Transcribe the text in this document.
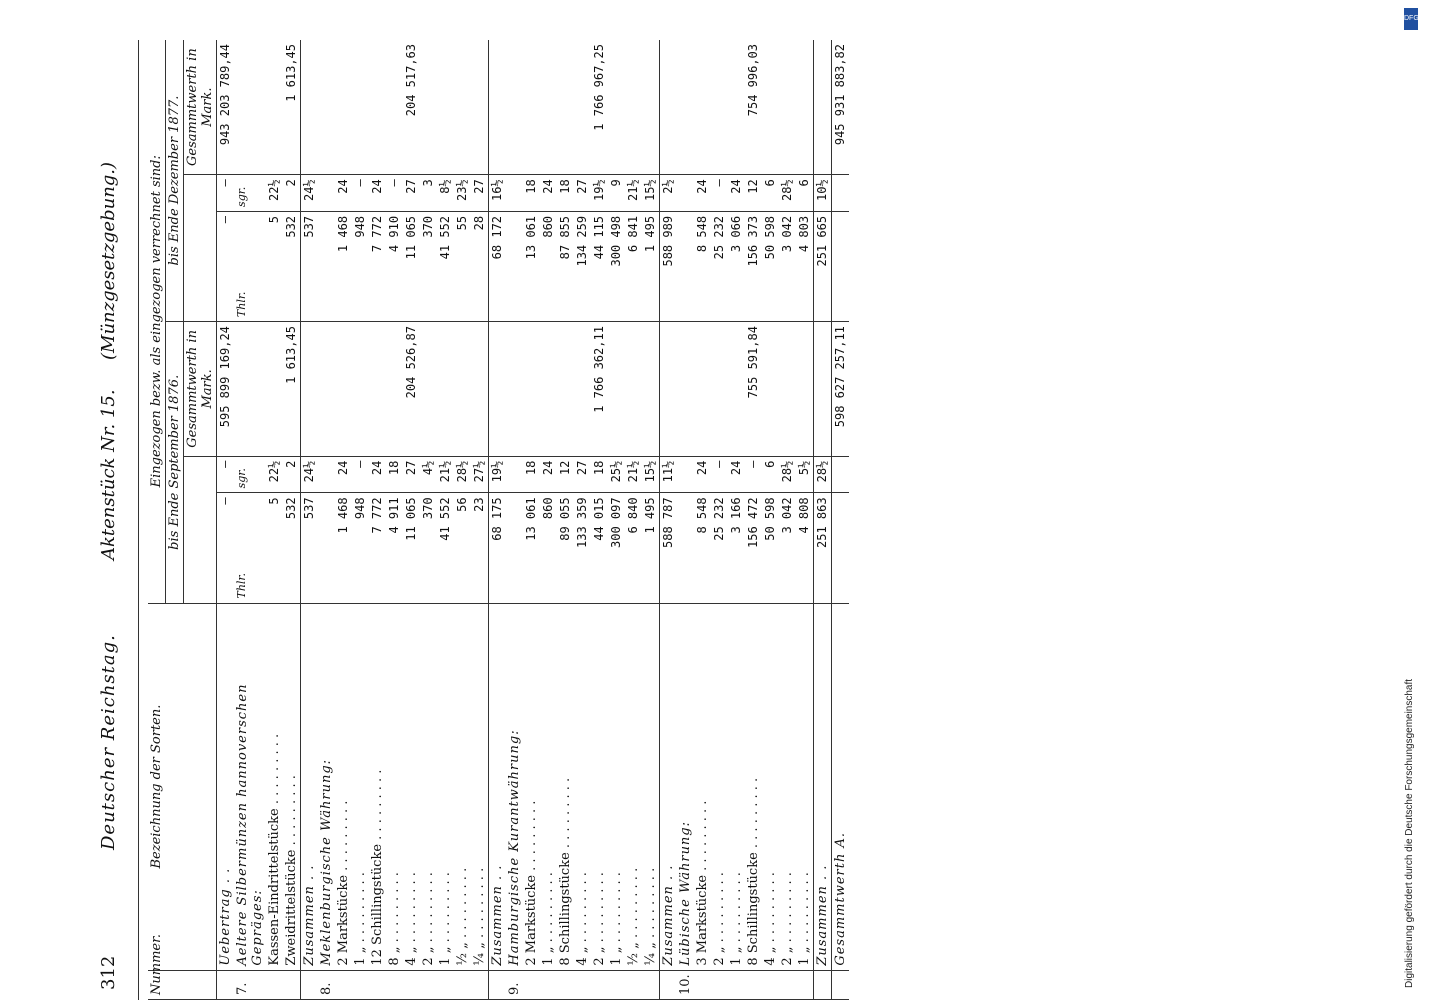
312
Deutscher Reichstag.
Aktenstück Nr. 15.
(Münzgesetzgebung.)
Nummer.	Bezeichnung der Sorten.	Eingezogen bezw. als eingezogen verrechnet sind:					
		bis Ende September 1876.			bis Ende Dezember 1877.		
				Gesammtwerth in Mark.			Gesammtwerth in Mark.
	Uebertrag . .	—	—	595 899 169,24	—	—	943 203 789,44
7.	Aeltere Silbermünzen hannoverschen Gepräges:	Thlr.	sgr.		Thlr.	sgr.	
	Kassen-Eindrittelstücke . . . . . . . . .	5	22½		5	22½	
	Zweidrittelstücke . . . . . . . . .	532	2	1 613,45	532	2	1 613,45
	Zusammen . .	537	24½		537	24½	
8.	Meklenburgische Währung:						
	2 Markstücke . . . . . . . . .	1 468	24		1 468	24	
	1 „ . . . . . . . . .	948	—		948	—	
	12 Schillingstücke . . . . . . . . .	7 772	24		7 772	24	
	8 „ . . . . . . . . .	4 911	18		4 910	—	
	4 „ . . . . . . . . .	11 065	27	204 526,87	11 065	27	204 517,63
	2 „ . . . . . . . . .	370	4½		370	3	
	1 „ . . . . . . . . .	41 552	21½		41 552	8½	
	½ „ . . . . . . . . .	56	28½		55	23½	
	¼ „ . . . . . . . . .	23	27½		28	27	
	Zusammen . .	68 175	19½		68 172	16½	
9.	Hamburgische Kurantwährung:						
	2 Markstücke . . . . . . . . .	13 061	18		13 061	18	
	1 „ . . . . . . . . .	860	24		860	24	
	8 Schillingstücke . . . . . . . . .	89 055	12		87 855	18	
	4 „ . . . . . . . . .	133 359	27		134 259	27	
	2 „ . . . . . . . . .	44 015	18	1 766 362,11	44 115	19½	1 766 967,25
	1 „ . . . . . . . . .	300 097	25½		300 498	9	
	½ „ . . . . . . . . .	6 840	21½		6 841	21½	
	¼ „ . . . . . . . . .	1 495	15½		1 495	15½	
	Zusammen . .	588 787	11½		588 989	2½	
10.	Lübische Währung:						
	3 Markstücke . . . . . . . . .	8 548	24		8 548	24	
	2 „ . . . . . . . . .	25 232	—		25 232	—	
	1 „ . . . . . . . . .	3 166	24		3 066	24	
	8 Schillingstücke . . . . . . . . .	156 472	—	755 591,84	156 373	12	754 996,03
	4 „ . . . . . . . . .	50 598	6		50 598	6	
	2 „ . . . . . . . . .	3 042	28½		3 042	28½	
	1 „ . . . . . . . . .	4 808	5½		4 803	6	
	Zusammen . .	251 863	28½		251 665	10½	
	Gesammtwerth A.			598 627 257,11			945 931 883,82
DFG
Digitalisierung gefördert durch die Deutsche Forschungsgemeinschaft
